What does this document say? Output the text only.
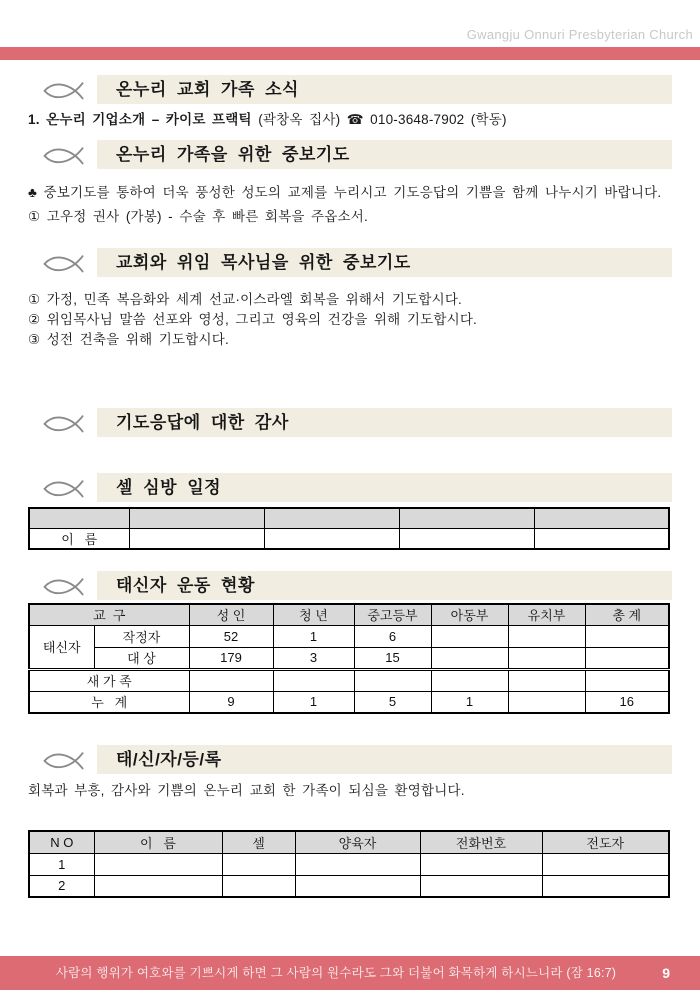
Gwangju Onnuri Presbyterian Church
온누리 교회 가족 소식
1. 온누리 기업소개 – 카이로 프랙틱 (곽창옥 집사) ☎ 010-3648-7902 (학동)
온누리 가족을 위한 중보기도
♣ 중보기도를 통하여 더욱 풍성한 성도의 교제를 누리시고 기도응답의 기쁨을 함께 나누시기 바랍니다.
① 고우정 권사 (가봉) - 수술 후 빠른 회복을 주옵소서.
교회와 위임 목사님을 위한 중보기도
① 가정, 민족 복음화와 세계 선교·이스라엘 회복을 위해서 기도합시다.
② 위임목사님 말씀 선포와 영성, 그리고 영육의 건강을 위해 기도합시다.
③ 성전 건축을 위해 기도합시다.
기도응답에 대한 감사
셀 심방 일정

이   름				
태신자 운동 현황
교  구		성 인	청 년	중고등부	아동부	유치부	총 계
태신자	작정자	52	1	6			
	대 상	179	3	15			
새 가 족							
누   계		9	1	5	1		16
태/신/자/등/록
회복과 부흥, 감사와 기쁨의 온누리 교회 한 가족이 되심을 환영합니다.
N O	이   름	셀	양육자	전화번호	전도자
1					
2					
사람의 행위가 여호와를 기쁘시게 하면 그 사람의 원수라도 그와 더불어 화목하게 하시느니라 (잠 16:7)	9
